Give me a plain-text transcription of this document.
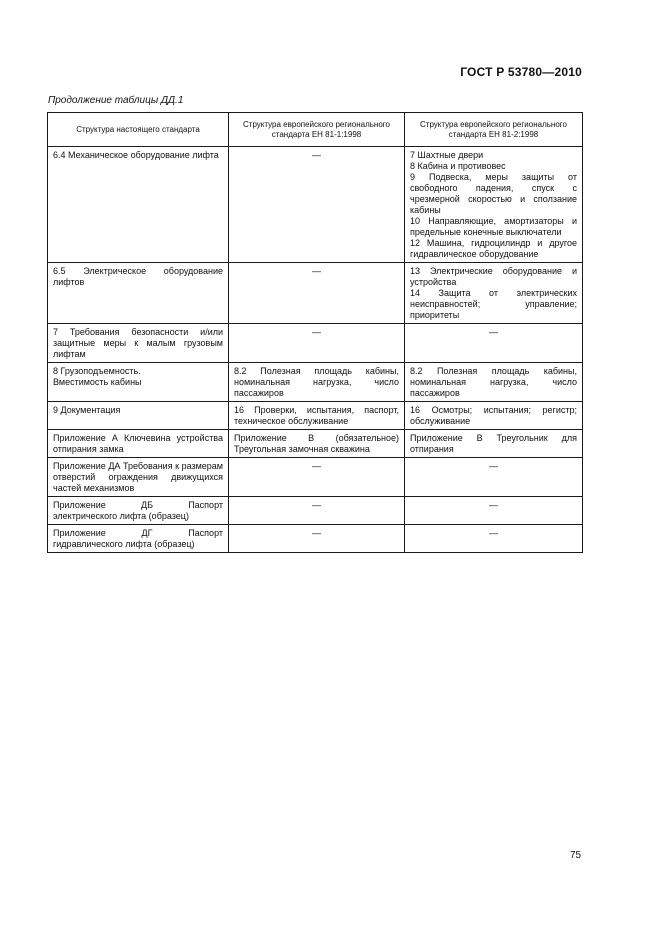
ГОСТ Р 53780—2010
Продолжение таблицы ДД.1
Структура настоящего стандарта	Структура европейского регионального стандарта ЕН 81-1:1998	Структура европейского регионального стандарта ЕН 81-2:1998

6.4 Механическое оборудование лифта	—	7 Шахтные двери
8 Кабина и противовес
9 Подвеска, меры защиты от свободного падения, спуск с чрезмерной скоростью и сползание кабины
10 Направляющие, амортизаторы и предельные конечные выключатели
12 Машина, гидроцилиндр и другое гидравлическое оборудование

6.5 Электрическое оборудование лифтов	—	13 Электрические оборудование и устройства
14 Защита от электрических неисправностей; управление; приоритеты

7 Требования безопасности и/или защитные меры к малым грузовым лифтам	—	—

8 Грузоподъемность.
Вместимость кабины	8.2 Полезная площадь кабины, номинальная нагрузка, число пассажиров	8.2 Полезная площадь кабины, номинальная нагрузка, число пассажиров

9 Документация	16 Проверки, испытания, паспорт, техническое обслуживание	16 Осмотры; испытания; регистр; обслуживание

Приложение А Ключевина устройства отпирания замка	Приложение В (обязательное) Треугольная замочная скважина	Приложение В Треугольник для отпирания

Приложение ДА Требования к размерам отверстий ограждения движущихся частей механизмов	—	—

Приложение ДБ Паспорт электрического лифта (образец)	—	—

Приложение ДГ Паспорт гидравлического лифта (образец)	—	—
75
